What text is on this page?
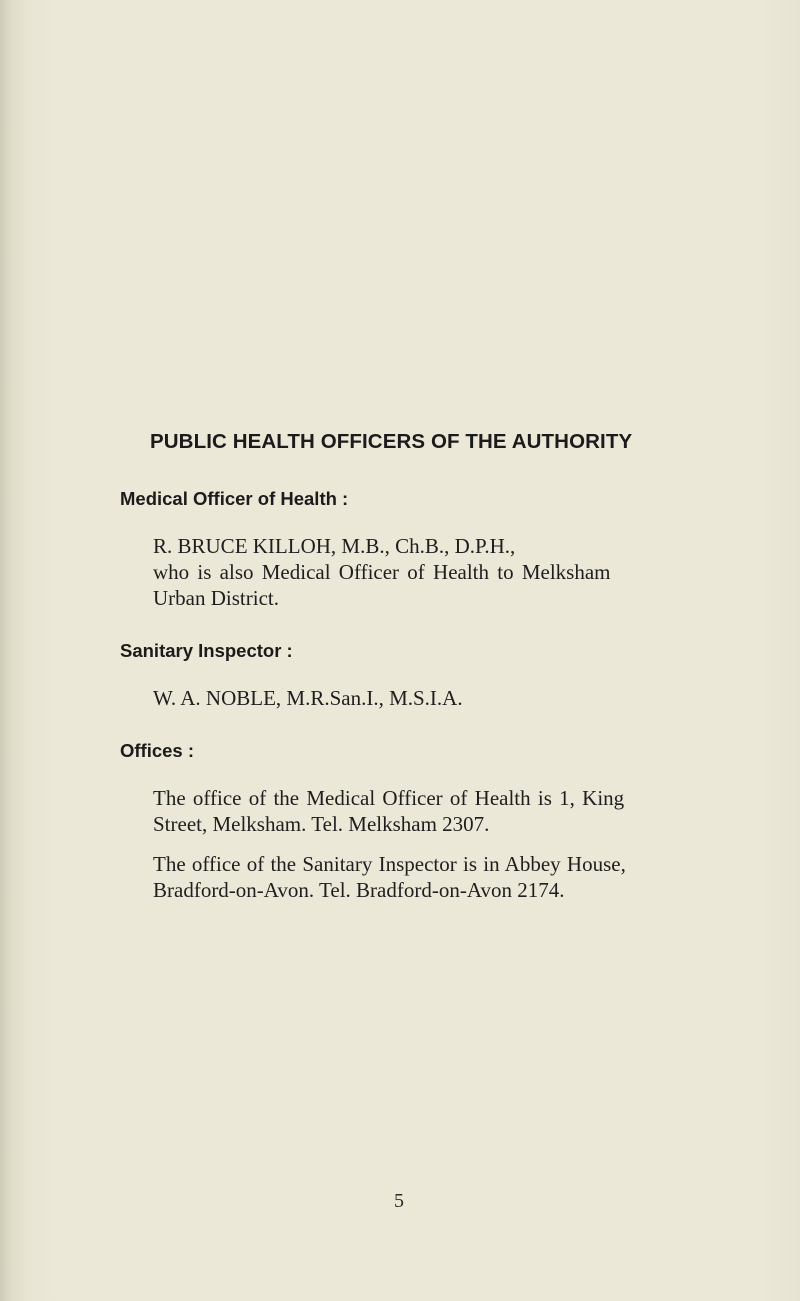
PUBLIC HEALTH OFFICERS OF THE AUTHORITY
Medical Officer of Health :
R. BRUCE KILLOH, M.B., Ch.B., D.P.H.,
who is also Medical Officer of Health to Melksham
Urban District.
Sanitary Inspector :
W. A. NOBLE, M.R.San.I., M.S.I.A.
Offices :
The office of the Medical Officer of Health is 1, King
Street, Melksham. Tel. Melksham 2307.
The office of the Sanitary Inspector is in Abbey House,
Bradford-on-Avon. Tel. Bradford-on-Avon 2174.
5
